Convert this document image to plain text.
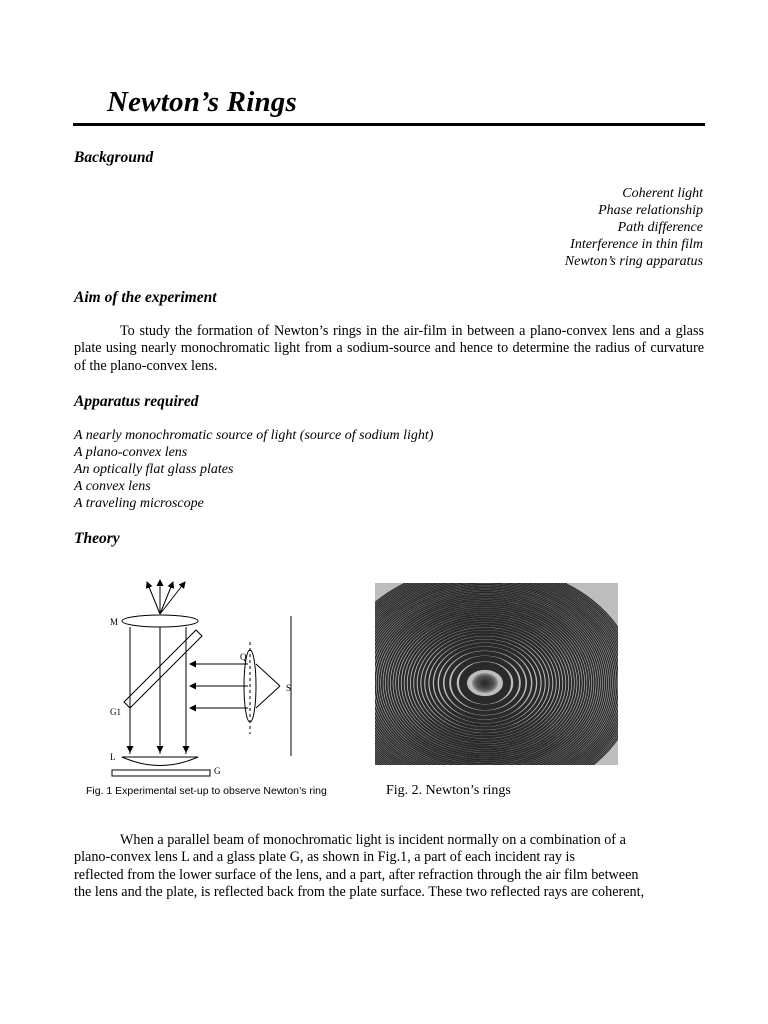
Newton’s Rings
Background
Coherent light
Phase relationship
Path difference
Interference in thin film
Newton’s ring apparatus
Aim of the experiment
To study the formation of Newton’s rings in the air-film in between a plano-convex lens and a glass plate using nearly monochromatic light from a sodium-source and hence to determine the radius of curvature of the plano-convex lens.
Apparatus required
A nearly monochromatic source of light (source of sodium light)
A plano-convex lens
An optically flat glass plates
A convex lens
A traveling microscope
Theory
M
Q
S
G1
L
G
Fig. 1 Experimental set-up to observe Newton’s ring	Fig. 2. Newton’s rings
When a parallel beam of monochromatic light is incident normally on a combination of a
plano-convex lens L and a glass plate G, as shown in Fig.1, a part of each incident ray is
reflected from the lower surface of the lens, and a part, after refraction through the air film between
the lens and the plate, is reflected back from the plate surface. These two reflected rays are coherent,
